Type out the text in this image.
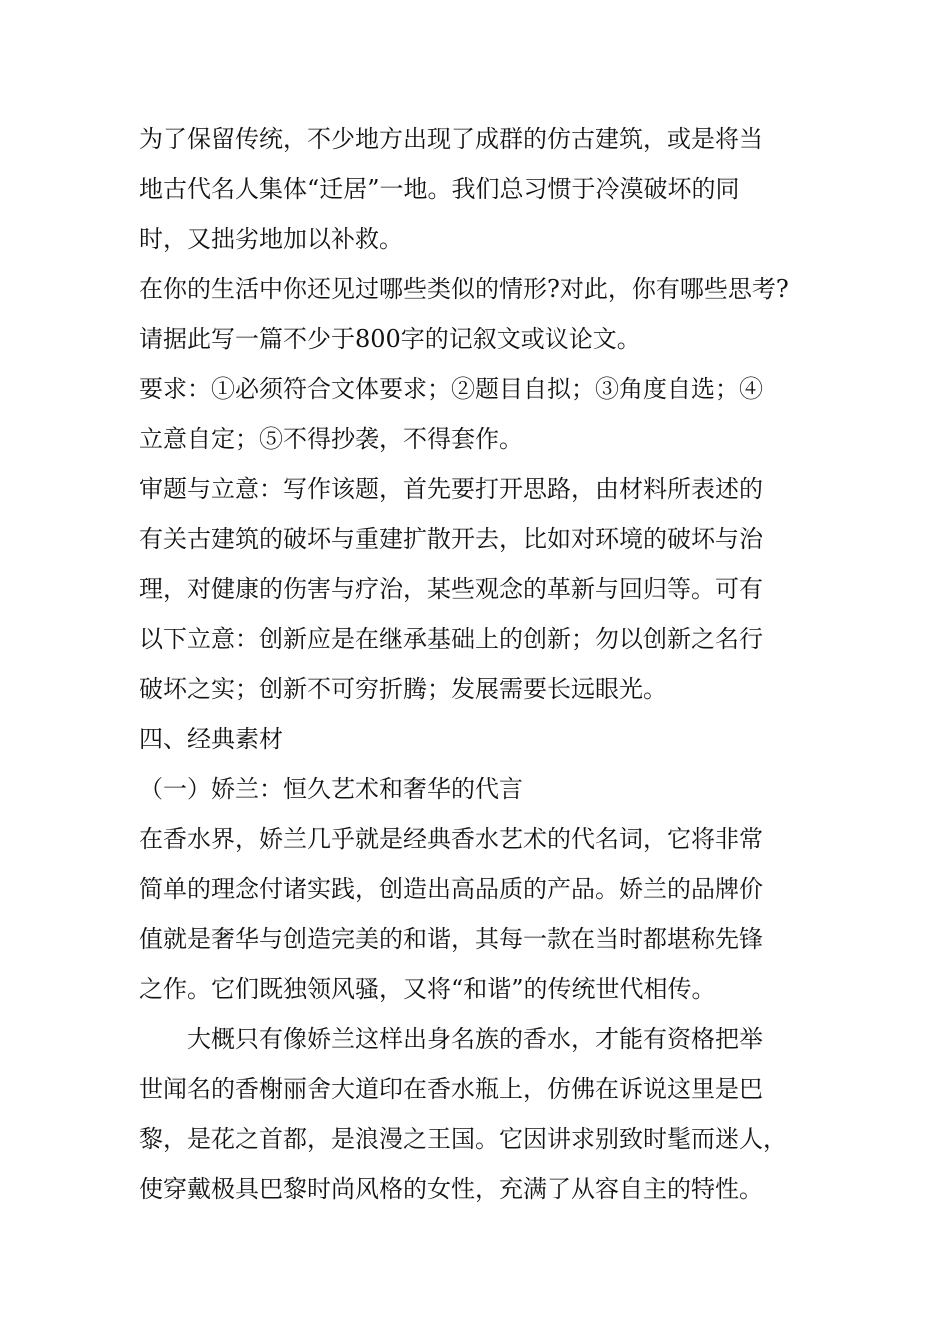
为了保留传统，不少地方出现了成群的仿古建筑，或是将当
地古代名人集体“迁居”一地。我们总习惯于冷漠破坏的同
时，又拙劣地加以补救。
在你的生活中你还见过哪些类似的情形?对此，你有哪些思考?
请据此写一篇不少于800字的记叙文或议论文。
要求：①必须符合文体要求；②题目自拟；③角度自选；④
立意自定；⑤不得抄袭，不得套作。
审题与立意：写作该题，首先要打开思路，由材料所表述的
有关古建筑的破坏与重建扩散开去，比如对环境的破坏与治
理，对健康的伤害与疗治，某些观念的革新与回归等。可有
以下立意：创新应是在继承基础上的创新；勿以创新之名行
破坏之实；创新不可穷折腾；发展需要长远眼光。
四、经典素材
（一）娇兰：恒久艺术和奢华的代言
在香水界，娇兰几乎就是经典香水艺术的代名词，它将非常
简单的理念付诸实践，创造出高品质的产品。娇兰的品牌价
值就是奢华与创造完美的和谐，其每一款在当时都堪称先锋
之作。它们既独领风骚，又将“和谐”的传统世代相传。
大概只有像娇兰这样出身名族的香水，才能有资格把举
世闻名的香榭丽舍大道印在香水瓶上，仿佛在诉说这里是巴
黎，是花之首都，是浪漫之王国。它因讲求别致时髦而迷人，
使穿戴极具巴黎时尚风格的女性，充满了从容自主的特性。
